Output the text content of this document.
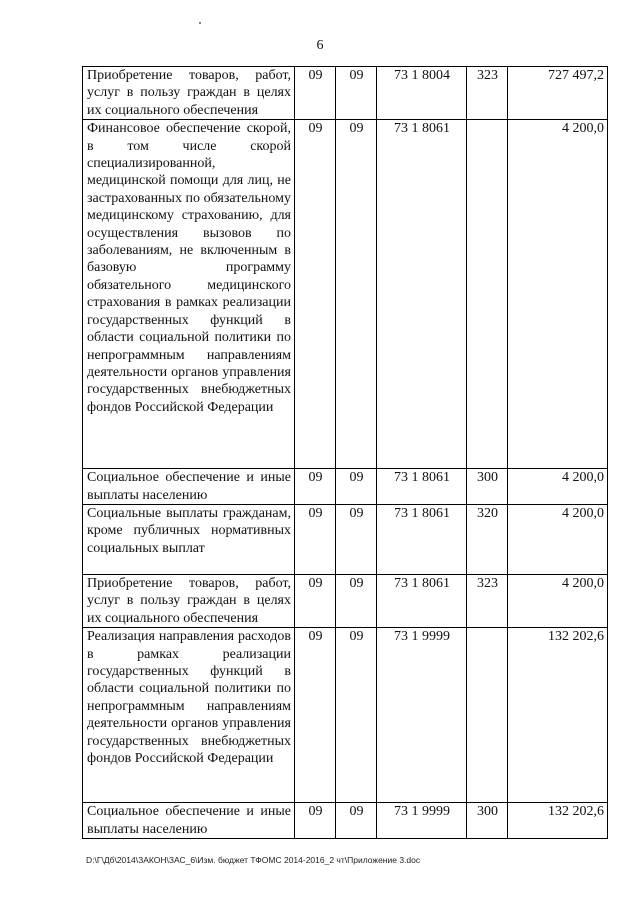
6
Приобретение товаров, работ, услуг в пользу граждан в целях их социального обеспечения	09	09	73 1 8004	323	727 497,2
Финансовое обеспечение скорой, в том числе скорой специализированной, медицинской помощи для лиц, не застрахованных по обязательному медицинскому страхованию, для осуществления вызовов по заболеваниям, не включенным в базовую программу обязательного медицинского страхования в рамках реализации государственных функций в области социальной политики по непрограммным направлениям деятельности органов управления государственных внебюджетных фондов Российской Федерации	09	09	73 1 8061		4 200,0
Социальное обеспечение и иные выплаты населению	09	09	73 1 8061	300	4 200,0
Социальные выплаты гражданам, кроме публичных нормативных социальных выплат	09	09	73 1 8061	320	4 200,0
Приобретение товаров, работ, услуг в пользу граждан в целях их социального обеспечения	09	09	73 1 8061	323	4 200,0
Реализация направления расходов в рамках реализации государственных функций в области социальной политики по непрограммным направлениям деятельности органов управления государственных внебюджетных фондов Российской Федерации	09	09	73 1 9999		132 202,6
Социальное обеспечение и иные выплаты населению	09	09	73 1 9999	300	132 202,6
D:\Г\Дб\2014\ЗАКОН\ЗАС_6\Изм. бюджет ТФОМС 2014-2016_2 чт\Приложение 3.doc
